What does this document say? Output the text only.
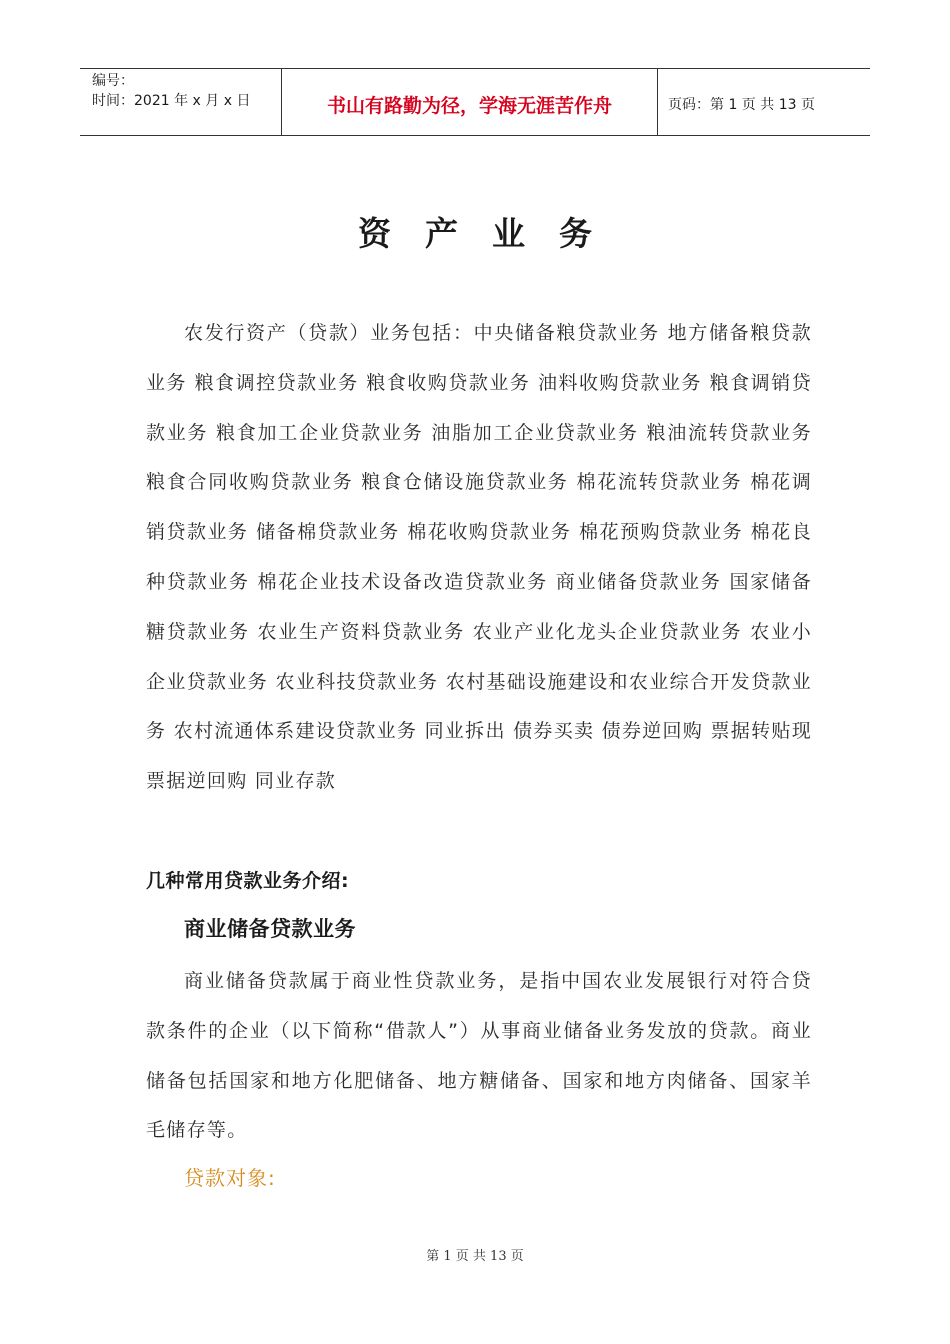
编号：
时间：2021 年 x 月 x 日	书山有路勤为径，学海无涯苦作舟	页码：第 1 页 共 13 页
资产业务
农发行资产（贷款）业务包括：中央储备粮贷款业务 地方储备粮贷款业务 粮食调控贷款业务 粮食收购贷款业务 油料收购贷款业务 粮食调销贷款业务 粮食加工企业贷款业务 油脂加工企业贷款业务 粮油流转贷款业务 粮食合同收购贷款业务 粮食仓储设施贷款业务 棉花流转贷款业务 棉花调销贷款业务 储备棉贷款业务 棉花收购贷款业务 棉花预购贷款业务 棉花良种贷款业务 棉花企业技术设备改造贷款业务 商业储备贷款业务 国家储备糖贷款业务 农业生产资料贷款业务 农业产业化龙头企业贷款业务 农业小企业贷款业务 农业科技贷款业务 农村基础设施建设和农业综合开发贷款业务 农村流通体系建设贷款业务 同业拆出 债券买卖 债券逆回购 票据转贴现 票据逆回购 同业存款
几种常用贷款业务介绍:
商业储备贷款业务
商业储备贷款属于商业性贷款业务，是指中国农业发展银行对符合贷款条件的企业（以下简称“借款人”）从事商业储备业务发放的贷款。商业储备包括国家和地方化肥储备、地方糖储备、国家和地方肉储备、国家羊毛储存等。
贷款对象:
第 1 页 共 13 页
